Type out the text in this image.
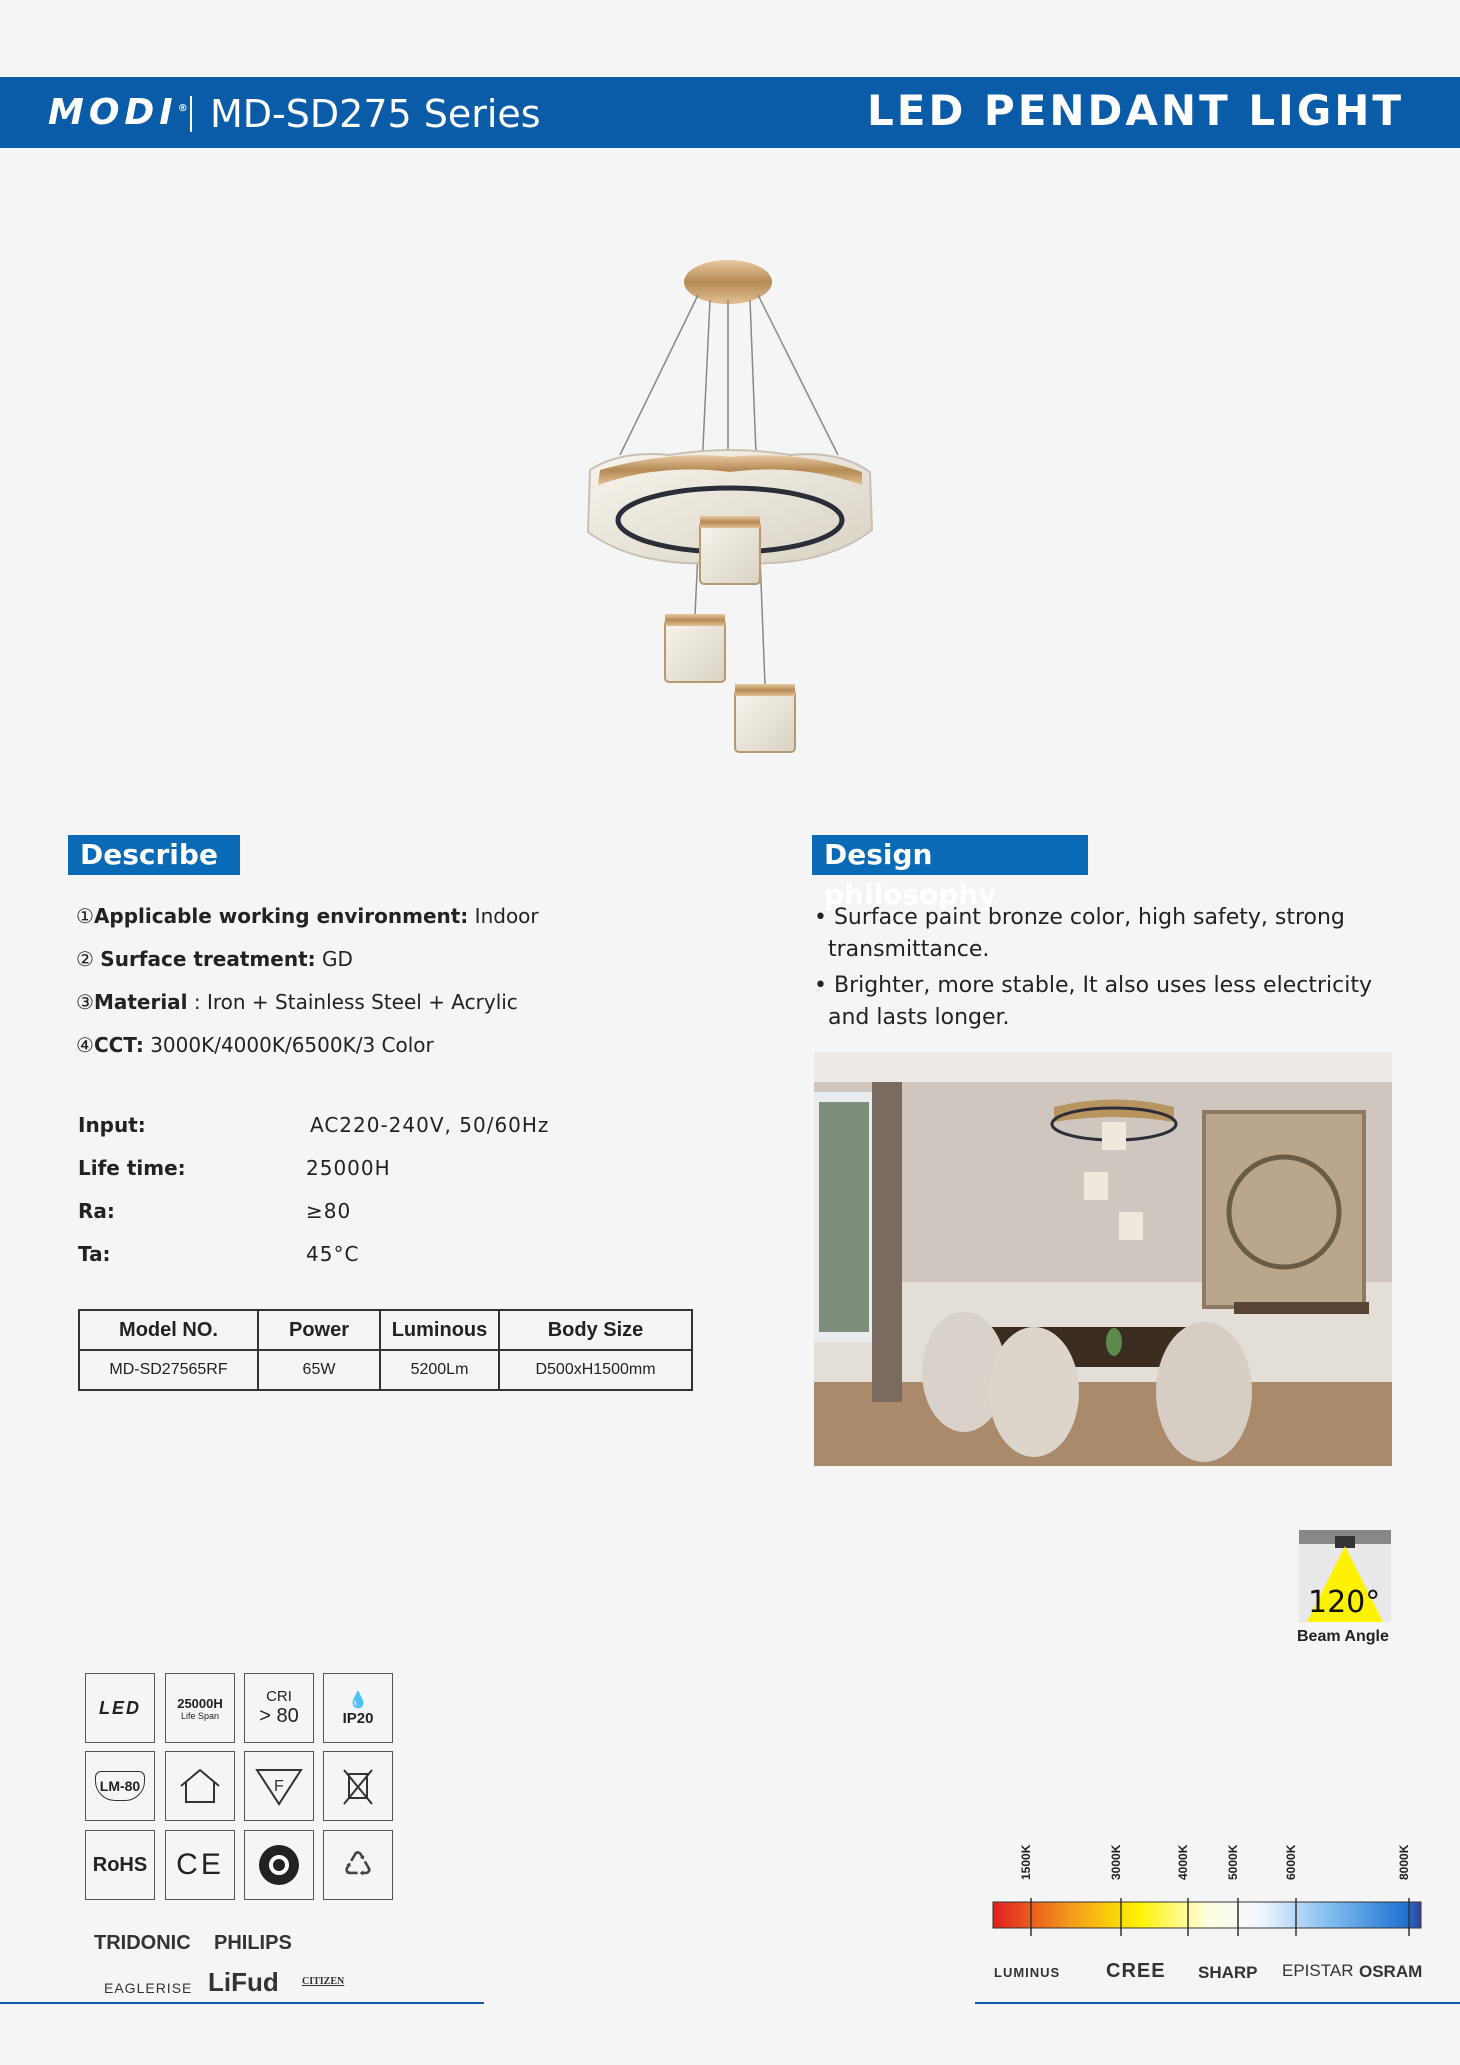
MODI® MD-SD275 Series	LED PENDANT LIGHT
Describe
①Applicable working environment: Indoor
② Surface treatment: GD
③Material : Iron + Stainless Steel + Acrylic
④CCT: 3000K/4000K/6500K/3 Color
Input:	AC220-240V, 50/60Hz
Life time:	25000H
Ra:	≥80
Ta:	45°C
Model NO.	Power	Luminous	Body Size
MD-SD27565RF	65W	5200Lm	D500xH1500mm
Design philosophy
• Surface paint bronze color, high safety, strong transmittance.
• Brighter, more stable, It also uses less electricity and lasts longer.
120°
Beam Angle
LED	25000H
Life Span
CRI
> 80
💧
IP20
LM-80	F
RoHS CE	♺
TRIDONIC PHILIPS
EAGLERISE LiFud CITIZEN
1500K	3000K	4000K	5000K	6000K	8000K
LUMINUS CREE SHARP EPISTAR OSRAM
